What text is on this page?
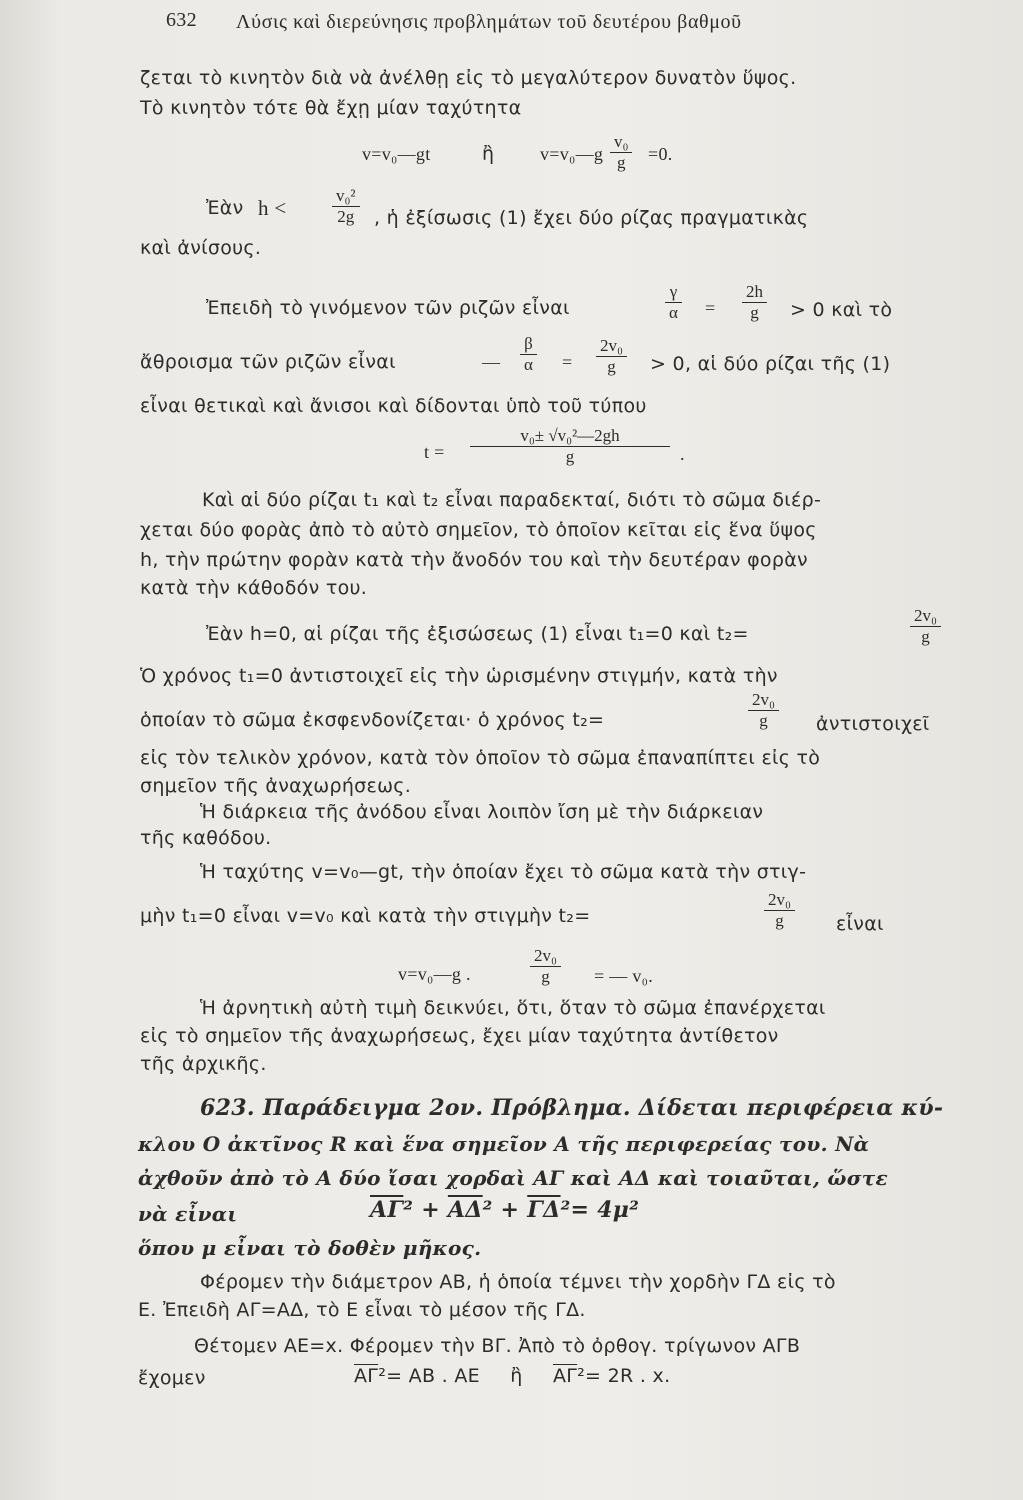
632 Λύσις καὶ διερεύνησις προβλημάτων τοῦ δευτέρου βαθμοῦ
ζεται τὸ κινητὸν διὰ νὰ ἀνέλθῃ εἰς τὸ μεγαλύτερον δυνατὸν ὕψος.
Τὸ κινητὸν τότε θὰ ἔχῃ μίαν ταχύτητα
v=v₀—gt	ἢ	v=v₀—g $\frac{\text{v₀}}{g} =0$.
Ἐὰν h <	$\frac{\text{v₀²}}{2g}$ , ἡ ἐξίσωσις (1) ἔχει δύο ρίζας πραγματικὰς
καὶ ἀνίσους.
Ἐπειδὴ τὸ γινόμενον τῶν ριζῶν εἶναι	$\frac{\gamma}{\alpha} = \frac{2h}{g} > 0$ καὶ τὸ
ἄθροισμα τῶν ριζῶν εἶναι	— $\frac{\beta}{\alpha} = \frac{\text{2v₀}}{g} > 0$, αἱ δύο ρίζαι τῆς (1)
εἶναι θετικαὶ καὶ ἄνισοι καὶ δίδονται ὑπὸ τοῦ τύπου
$t = \frac{\text{v₀± √v₀²—2gh}}{g}$ .
Καὶ αἱ δύο ρίζαι t₁ καὶ t₂ εἶναι παραδεκταί, διότι τὸ σῶμα διέρ-
χεται δύο φορὰς ἀπὸ τὸ αὐτὸ σημεῖον, τὸ ὁποῖον κεῖται εἰς ἕνα ὕψος
h, τὴν πρώτην φορὰν κατὰ τὴν ἄνοδόν του καὶ τὴν δευτέραν φορὰν
κατὰ τὴν κάθοδόν του.
Ἐὰν h=0, αἱ ρίζαι τῆς ἐξισώσεως (1) εἶναι t₁=0 καὶ t₂=	$\frac{\text{2v₀}}{g}$
Ὁ χρόνος t₁=0 ἀντιστοιχεῖ εἰς τὴν ὡρισμένην στιγμήν, κατὰ τὴν
ὁποίαν τὸ σῶμα ἐκσφενδονίζεται· ὁ χρόνος t₂=	$\frac{\text{2v₀}}{g}$ ἀντιστοιχεῖ
εἰς τὸν τελικὸν χρόνον, κατὰ τὸν ὁποῖον τὸ σῶμα ἐπαναπίπτει εἰς τὸ
σημεῖον τῆς ἀναχωρήσεως.
Ἡ διάρκεια τῆς ἀνόδου εἶναι λοιπὸν ἴση μὲ τὴν διάρκειαν
τῆς καθόδου.
Ἡ ταχύτης v=v₀—gt, τὴν ὁποίαν ἔχει τὸ σῶμα κατὰ τὴν στιγ-
μὴν t₁=0 εἶναι v=v₀ καὶ κατὰ τὴν στιγμὴν t₂=	$\frac{\text{2v₀}}{g}$ εἶναι
v=v₀—g .	$\frac{\text{2v₀}}{g}$ = — v₀.
Ἡ ἀρνητικὴ αὐτὴ τιμὴ δεικνύει, ὅτι, ὅταν τὸ σῶμα ἐπανέρχεται
εἰς τὸ σημεῖον τῆς ἀναχωρήσεως, ἔχει μίαν ταχύτητα ἀντίθετον
τῆς ἀρχικῆς.
623. Παράδειγμα 2ον. Πρόβλημα. Δίδεται περιφέρεια κύ-
κλου Ο ἀκτῖνος R καὶ ἕνα σημεῖον Α τῆς περιφερείας του. Νὰ
ἀχθοῦν ἀπὸ τὸ Α δύο ἴσαι χορδαὶ ΑΓ καὶ ΑΔ καὶ τοιαῦται, ὥστε
νὰ εἶναι	$\overline{A\Gamma}^2 + \overline{A\Delta}^2 + \overline{\Gamma\Delta}^2= 4\mu^2$
ὅπου μ εἶναι τὸ δοθὲν μῆκος.
Φέρομεν τὴν διάμετρον ΑΒ, ἡ ὁποία τέμνει τὴν χορδὴν ΓΔ εἰς τὸ
Ε. Ἐπειδὴ ΑΓ=ΑΔ, τὸ Ε εἶναι τὸ μέσον τῆς ΓΔ.
Θέτομεν ΑΕ=x. Φέρομεν τὴν ΒΓ. Ἀπὸ τὸ ὀρθογ. τρίγωνον ΑΓΒ
ἔχομεν	$\overline{A\Gamma}^2= AB$ . ΑΕ ἢ $\overline{A\Gamma}^2= 2R$ . x.
